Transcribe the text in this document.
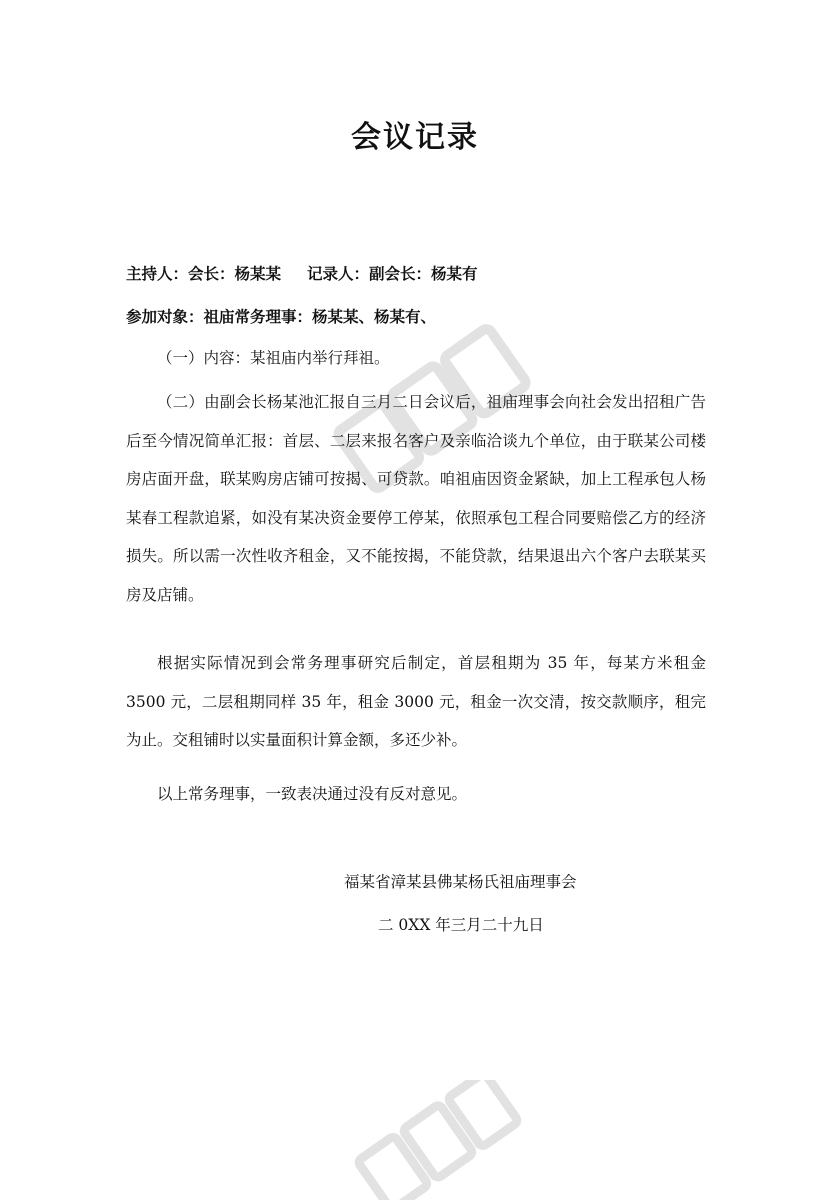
会议记录
主持人：会长：杨某某 记录人：副会长：杨某有
参加对象：祖庙常务理事：杨某某、杨某有、
（一）内容：某祖庙内举行拜祖。
（二）由副会长杨某池汇报自三月二日会议后，祖庙理事会向社会发出招租广告后至今情况简单汇报：首层、二层来报名客户及亲临洽谈九个单位，由于联某公司楼房店面开盘，联某购房店铺可按揭、可贷款。咱祖庙因资金紧缺，加上工程承包人杨某春工程款追紧，如没有某决资金要停工停某，依照承包工程合同要赔偿乙方的经济损失。所以需一次性收齐租金，又不能按揭，不能贷款，结果退出六个客户去联某买房及店铺。
根据实际情况到会常务理事研究后制定，首层租期为 35 年，每某方米租金 3500 元，二层租期同样 35 年，租金 3000 元，租金一次交清，按交款顺序，租完为止。交租铺时以实量面积计算金额，多还少补。
以上常务理事，一致表决通过没有反对意见。
福某省漳某县佛某杨氏祖庙理事会
二 0XX 年三月二十九日
